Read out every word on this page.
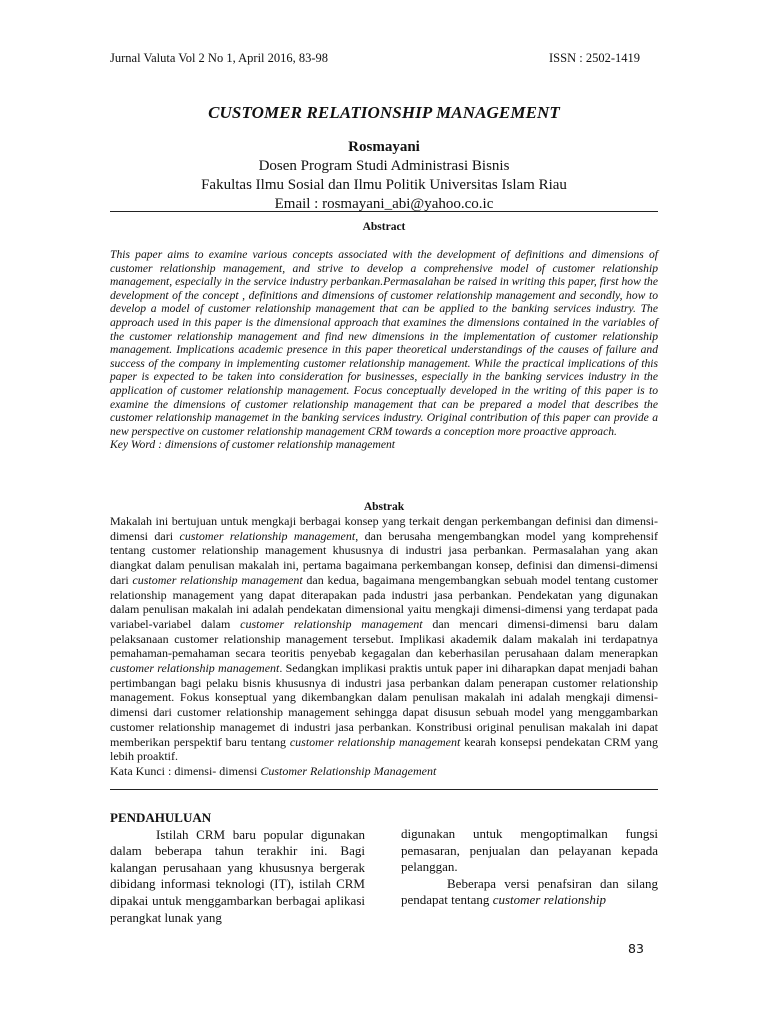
Jurnal Valuta Vol 2 No 1, April 2016, 83-98	ISSN : 2502-1419
CUSTOMER RELATIONSHIP MANAGEMENT
Rosmayani
Dosen Program Studi Administrasi Bisnis
Fakultas Ilmu Sosial dan Ilmu Politik Universitas Islam Riau
Email : rosmayani_abi@yahoo.co.ic
Abstract

This paper aims to examine various concepts associated with the development of definitions and dimensions of customer relationship management, and strive to develop a comprehensive model of customer relationship management, especially in the service industry perbankan.Permasalahan be raised in writing this paper, first how the development of the concept , definitions and dimensions of customer relationship management and secondly, how to develop a model of customer relationship management that can be applied to the banking services industry. The approach used in this paper is the dimensional approach that examines the dimensions contained in the variables of the customer relationship management and find new dimensions in the implementation of customer relationship management. Implications academic presence in this paper theoretical understandings of the causes of failure and success of the company in implementing customer relationship management. While the practical implications of this paper is expected to be taken into consideration for businesses, especially in the banking services industry in the application of customer relationship management. Focus conceptually developed in the writing of this paper is to examine the dimensions of customer relationship management that can be prepared a model that describes the customer relationship managemet in the banking services industry. Original contribution of this paper can provide a new perspective on customer relationship management CRM towards a conception more proactive approach.

Key Word : dimensions of customer relationship management

Abstrak

Makalah ini bertujuan untuk mengkaji berbagai konsep yang terkait dengan perkembangan definisi dan dimensi-dimensi dari customer relationship management, dan berusaha mengembangkan model yang komprehensif tentang customer relationship management khususnya di industri jasa perbankan. Permasalahan yang akan diangkat dalam penulisan makalah ini, pertama bagaimana perkembangan konsep, definisi dan dimensi-dimensi dari customer relationship management dan kedua, bagaimana mengembangkan sebuah model tentang customer relationship management yang dapat diterapakan pada industri jasa perbankan. Pendekatan yang digunakan dalam penulisan makalah ini adalah pendekatan dimensional yaitu mengkaji dimensi-dimensi yang terdapat pada variabel-variabel dalam customer relationship management dan mencari dimensi-dimensi baru dalam pelaksanaan customer relationship management tersebut. Implikasi akademik dalam makalah ini terdapatnya pemahaman-pemahaman secara teoritis penyebab kegagalan dan keberhasilan perusahaan dalam menerapkan customer relationship management. Sedangkan implikasi praktis untuk paper ini diharapkan dapat menjadi bahan pertimbangan bagi pelaku bisnis khususnya di industri jasa perbankan dalam penerapan customer relationship management. Fokus konseptual yang dikembangkan dalam penulisan makalah ini adalah mengkaji dimensi-dimensi dari customer relationship management sehingga dapat disusun sebuah model yang menggambarkan customer relationship managemet di industri jasa perbankan. Konstribusi original penulisan makalah ini dapat memberikan perspektif baru tentang customer relationship management kearah konsepsi pendekatan CRM yang lebih proaktif.

Kata Kunci : dimensi- dimensi Customer Relationship Management

PENDAHULUAN

Istilah CRM baru popular digunakan dalam beberapa tahun terakhir ini. Bagi kalangan perusahaan yang khususnya bergerak dibidang informasi teknologi (IT), istilah CRM dipakai untuk menggambarkan berbagai aplikasi perangkat lunak yang

digunakan untuk mengoptimalkan fungsi pemasaran, penjualan dan pelayanan kepada pelanggan.

Beberapa versi penafsiran dan silang pendapat tentang customer relationship

83
